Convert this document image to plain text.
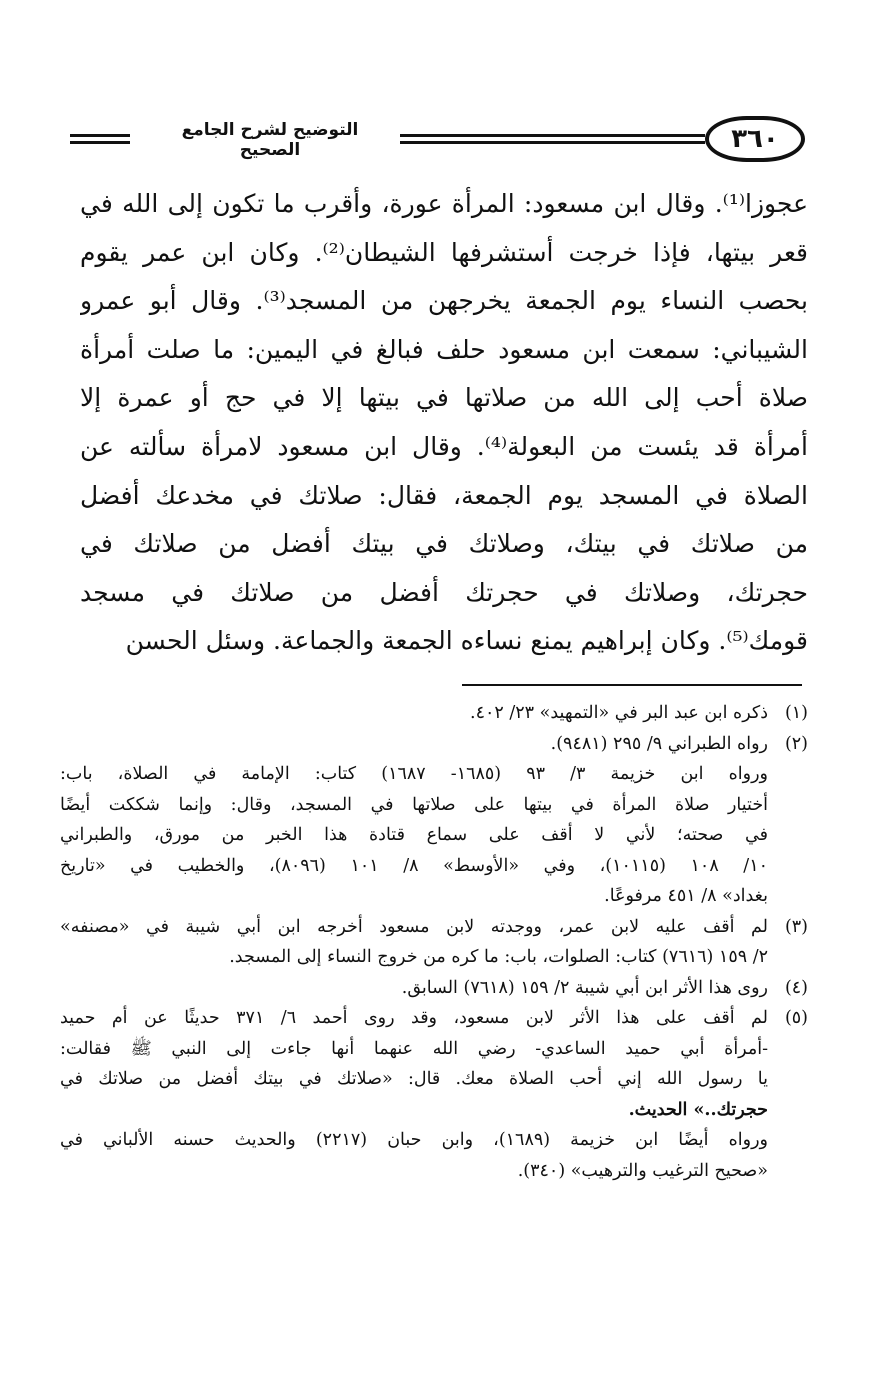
التوضيح لشرح الجامع الصحيح	٣٦٠
عجوزا⁽¹⁾. وقال ابن مسعود: المرأة عورة، وأقرب ما تكون إلى الله في
قعر بيتها، فإذا خرجت أستشرفها الشيطان⁽²⁾. وكان ابن عمر يقوم
بحصب النساء يوم الجمعة يخرجهن من المسجد⁽³⁾. وقال أبو عمرو
الشيباني: سمعت ابن مسعود حلف فبالغ في اليمين: ما صلت أمرأة
صلاة أحب إلى الله من صلاتها في بيتها إلا في حج أو عمرة إلا
أمرأة قد يئست من البعولة⁽⁴⁾. وقال ابن مسعود لامرأة سألته عن
الصلاة في المسجد يوم الجمعة، فقال: صلاتك في مخدعك أفضل
من صلاتك في بيتك، وصلاتك في بيتك أفضل من صلاتك في
حجرتك، وصلاتك في حجرتك أفضل من صلاتك في مسجد
قومك⁽⁵⁾. وكان إبراهيم يمنع نساءه الجمعة والجماعة. وسئل الحسن
(١)
ذكره ابن عبد البر في «التمهيد» ٢٣/ ٤٠٢.
(٢)
رواه الطبراني ٩/ ٢٩٥ (٩٤٨١).
ورواه ابن خزيمة ٣/ ٩٣ (١٦٨٥- ١٦٨٧) كتاب: الإمامة في الصلاة، باب:
أختيار صلاة المرأة في بيتها على صلاتها في المسجد، وقال: وإنما شككت أيضًا
في صحته؛ لأني لا أقف على سماع قتادة هذا الخبر من مورق، والطبراني
١٠/ ١٠٨ (١٠١١٥)، وفي «الأوسط» ٨/ ١٠١ (٨٠٩٦)، والخطيب في «تاريخ
بغداد» ٨/ ٤٥١ مرفوعًا.
(٣)
لم أقف عليه لابن عمر، ووجدته لابن مسعود أخرجه ابن أبي شيبة في «مصنفه»
٢/ ١٥٩ (٧٦١٦) كتاب: الصلوات، باب: ما كره من خروج النساء إلى المسجد.
(٤)
روى هذا الأثر ابن أبي شيبة ٢/ ١٥٩ (٧٦١٨) السابق.
(٥)
لم أقف على هذا الأثر لابن مسعود، وقد روى أحمد ٦/ ٣٧١ حديثًا عن أم حميد
-أمرأة أبي حميد الساعدي- رضي الله عنهما أنها جاءت إلى النبي ﷺ فقالت:
يا رسول الله إني أحب الصلاة معك. قال: «صلاتك في بيتك أفضل من صلاتك في
حجرتك..» الحديث.
ورواه أيضًا ابن خزيمة (١٦٨٩)، وابن حبان (٢٢١٧) والحديث حسنه الألباني في
«صحيح الترغيب والترهيب» (٣٤٠).
